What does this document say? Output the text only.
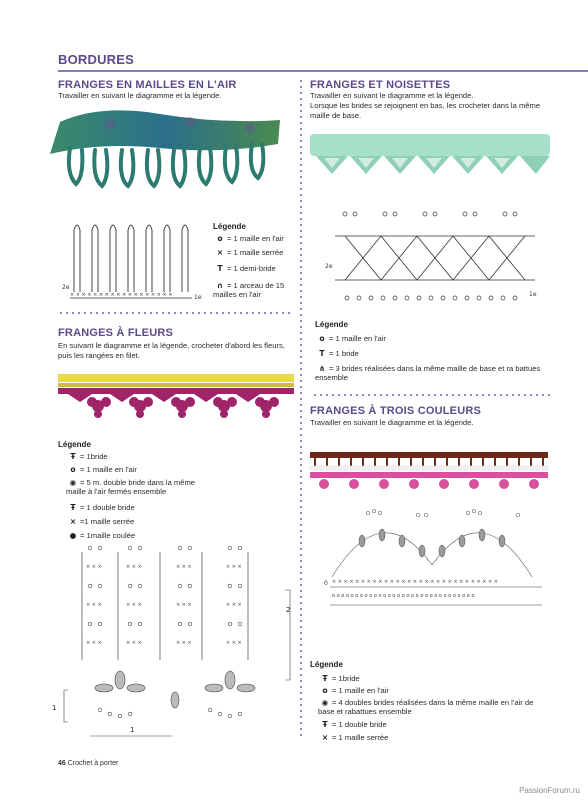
BORDURES
FRANGES EN MAILLES EN L'AIR
Travailler en suivant le diagramme et la légende.
2e
1e
× × × × × × × × × × × × × × × × × ×
Légende
o = 1 maille en l'air
× = 1 maille serrée
T = 1 demi-bride
∩ = 1 arceau de 15 mailles en l'air
FRANGES ET NOISETTES
Travailler en suivant le diagramme et la légende.
Lorsque les brides se rejoignent en bas, les crocheter dans la même maille de base.
2e
1e
Légende
o = 1 maille en l'air
T = 1 bride
⋔ = 3 brides réalisées dans la même maille de base et ra battues ensemble
FRANGES À FLEURS
En suivant le diagramme et la légende, crocheter d'abord les fleurs, puis les rangées en filet.
Légende
Ŧ = 1bride
o = 1 maille en l'air
◉ = 5 m. double bride dans la même maille à l'air fermés ensemble
Ŧ = 1 double bride
× =1 maille serrée
● = 1maille coulée
× × ×	× × ×	× × ×	× × ×
× × ×	× × ×	× × ×	× × ×
× × ×	× × ×	× × ×	× × ×
1
2
1
FRANGES À TROIS COULEURS
Travailler en suivant le diagramme et la légende.
× × × × × × × × × × × × × × × × × × × × × × × × × × × × ×
o o o o o o o o o o o o o o o o o o o o o o o o o o o o o o o
0
Légende
Ŧ = 1bride
o = 1 maille en l'air
◉ = 4 doubles brides réalisées dans la même maille en l'air de base et rabattues ensemble
Ŧ = 1 double bride
× = 1 maille serrée
46 Crochet à porter
PassionForum.ru
